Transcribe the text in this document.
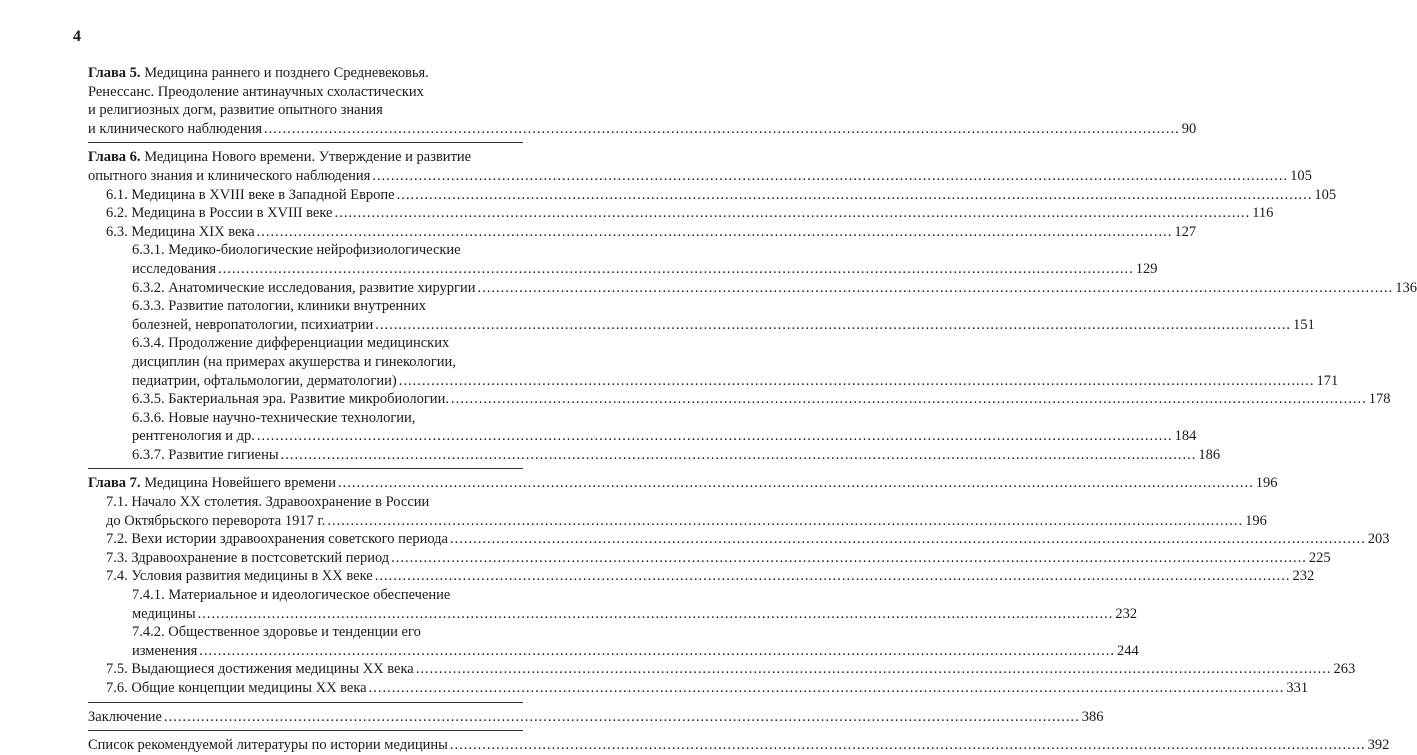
4
Глава 5. Медицина раннего и позднего Средневековья.
Ренессанс. Преодоление антинаучных схоластических
и религиозных догм, развитие опытного знания
и клинического наблюдения .....	90
Глава 6. Медицина Нового времени. Утверждение и развитие
опытного знания и клинического наблюдения .....	105
6.1. Медицина в XVIII веке в Западной Европе .....	105
6.2. Медицина в России в XVIII веке .....	116
6.3. Медицина XIX века .....	127
6.3.1. Медико-биологические нейрофизиологические
исследования .....	129
6.3.2. Анатомические исследования, развитие хирургии .....	136
6.3.3. Развитие патологии, клиники внутренних
болезней, невропатологии, психиатрии .....	151
6.3.4. Продолжение дифференциации медицинских
дисциплин (на примерах акушерства и гинекологии,
педиатрии, офтальмологии, дерматологии) .....	171
6.3.5. Бактериальная эра. Развитие микробиологии. .....	178
6.3.6. Новые научно-технические технологии,
рентгенология и др. .....	184
6.3.7. Развитие гигиены .....	186
Глава 7. Медицина Новейшего времени .....	196
7.1. Начало XX столетия. Здравоохранение в России
до Октябрьского переворота 1917 г. .....	196
7.2. Вехи истории здравоохранения советского периода .....	203
7.3. Здравоохранение в постсоветский период .....	225
7.4. Условия развития медицины в XX веке .....	232
7.4.1. Материальное и идеологическое обеспечение
медицины .....	232
7.4.2. Общественное здоровье и тенденции его
изменения .....	244
7.5. Выдающиеся достижения медицины XX века .....	263
7.6. Общие концепции медицины XX века .....	331
Заключение .....	386
Список рекомендуемой литературы по истории медицины .....	392
